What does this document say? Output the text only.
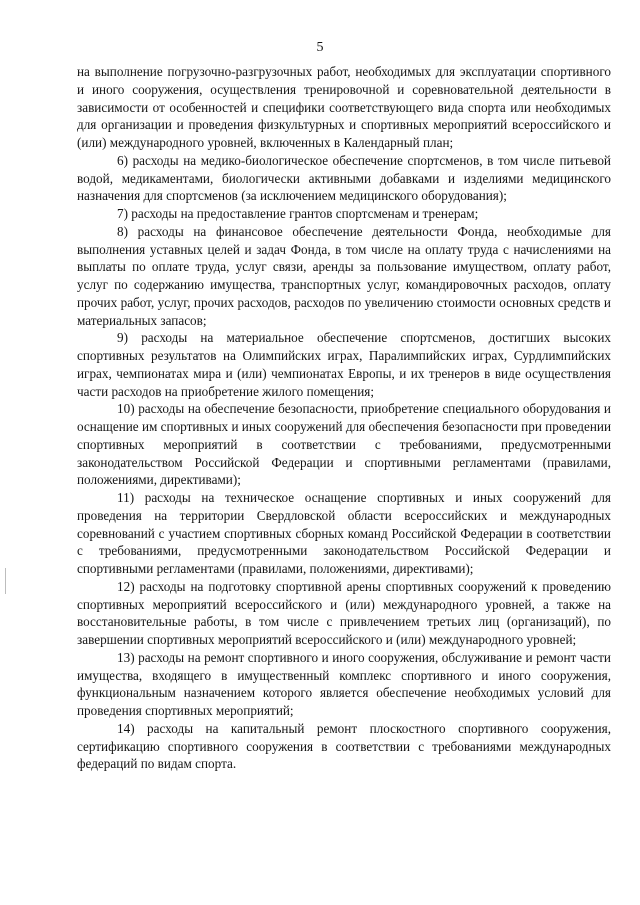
5

на выполнение погрузочно-разгрузочных работ, необходимых для эксплуатации спортивного и иного сооружения, осуществления тренировочной и соревновательной деятельности в зависимости от особенностей и специфики соответствующего вида спорта или необходимых для организации и проведения физкультурных и спортивных мероприятий всероссийского и (или) международного уровней, включенных в Календарный план;

6) расходы на медико-биологическое обеспечение спортсменов, в том числе питьевой водой, медикаментами, биологически активными добавками и изделиями медицинского назначения для спортсменов (за исключением медицинского оборудования);

7) расходы на предоставление грантов спортсменам и тренерам;

8) расходы на финансовое обеспечение деятельности Фонда, необходимые для выполнения уставных целей и задач Фонда, в том числе на оплату труда с начислениями на выплаты по оплате труда, услуг связи, аренды за пользование имуществом, оплату работ, услуг по содержанию имущества, транспортных услуг, командировочных расходов, оплату прочих работ, услуг, прочих расходов, расходов по увеличению стоимости основных средств и материальных запасов;

9) расходы на материальное обеспечение спортсменов, достигших высоких спортивных результатов на Олимпийских играх, Паралимпийских играх, Сурдлимпийских играх, чемпионатах мира и (или) чемпионатах Европы, и их тренеров в виде осуществления части расходов на приобретение жилого помещения;

10) расходы на обеспечение безопасности, приобретение специального оборудования и оснащение им спортивных и иных сооружений для обеспечения безопасности при проведении спортивных мероприятий в соответствии с требованиями, предусмотренными законодательством Российской Федерации и спортивными регламентами (правилами, положениями, директивами);

11) расходы на техническое оснащение спортивных и иных сооружений для проведения на территории Свердловской области всероссийских и международных соревнований с участием спортивных сборных команд Российской Федерации в соответствии с требованиями, предусмотренными законодательством Российской Федерации и спортивными регламентами (правилами, положениями, директивами);

12) расходы на подготовку спортивной арены спортивных сооружений к проведению спортивных мероприятий всероссийского и (или) международного уровней, а также на восстановительные работы, в том числе с привлечением третьих лиц (организаций), по завершении спортивных мероприятий всероссийского и (или) международного уровней;

13) расходы на ремонт спортивного и иного сооружения, обслуживание и ремонт части имущества, входящего в имущественный комплекс спортивного и иного сооружения, функциональным назначением которого является обеспечение необходимых условий для проведения спортивных мероприятий;

14) расходы на капитальный ремонт плоскостного спортивного сооружения, сертификацию спортивного сооружения в соответствии с требованиями международных федераций по видам спорта.
